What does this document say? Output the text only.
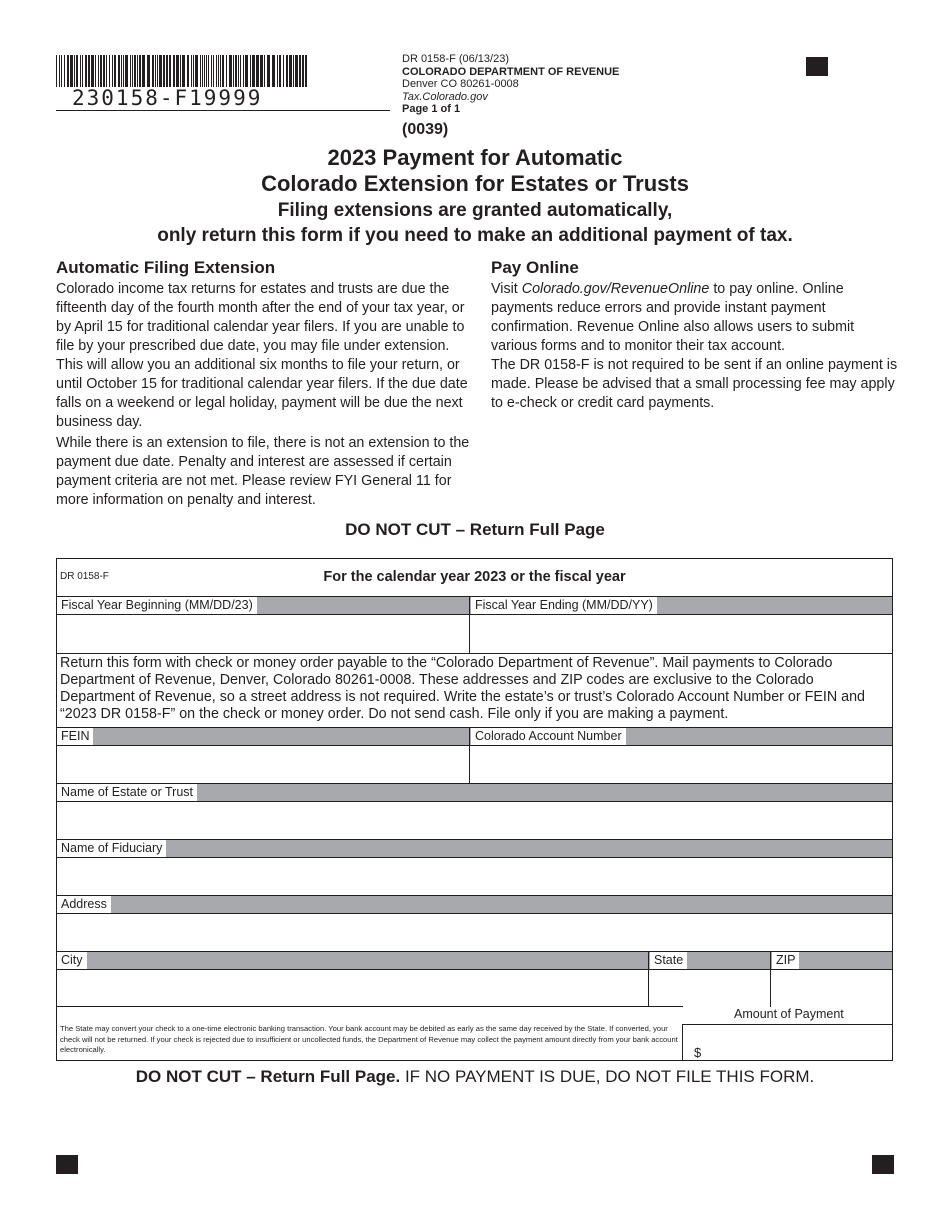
230158-F19999
DR 0158-F (06/13/23)
COLORADO DEPARTMENT OF REVENUE
Denver CO 80261-0008
Tax.Colorado.gov
Page 1 of 1
(0039)
2023 Payment for Automatic
Colorado Extension for Estates or Trusts
Filing extensions are granted automatically,
only return this form if you need to make an additional payment of tax.
Automatic Filing Extension

Colorado income tax returns for estates and trusts are due the fifteenth day of the fourth month after the end of your tax year, or by April 15 for traditional calendar year filers. If you are unable to file by your prescribed due date, you may file under extension. This will allow you an additional six months to file your return, or until October 15 for traditional calendar year filers. If the due date falls on a weekend or legal holiday, payment will be due the next business day.

While there is an extension to file, there is not an extension to the payment due date. Penalty and interest are assessed if certain payment criteria are not met. Please review FYI General 11 for more information on penalty and interest.

Pay Online

Visit Colorado.gov/RevenueOnline to pay online. Online payments reduce errors and provide instant payment confirmation. Revenue Online also allows users to submit various forms and to monitor their tax account.

The DR 0158-F is not required to be sent if an online payment is made. Please be advised that a small processing fee may apply to e-check or credit card payments.

DO NOT CUT – Return Full Page
DR 0158-F	For the calendar year 2023 or the fiscal year
Fiscal Year Beginning (MM/DD/23)	Fiscal Year Ending (MM/DD/YY)
Return this form with check or money order payable to the “Colorado Department of Revenue”. Mail payments to Colorado Department of Revenue, Denver, Colorado 80261-0008. These addresses and ZIP codes are exclusive to the Colorado Department of Revenue, so a street address is not required. Write the estate’s or trust’s Colorado Account Number or FEIN and “2023 DR 0158-F” on the check or money order. Do not send cash. File only if you are making a payment.
FEIN	Colorado Account Number
Name of Estate or Trust
Name of Fiduciary
Address
City	State	ZIP
Amount of Payment
$
The State may convert your check to a one-time electronic banking transaction. Your bank account may be debited as early as the same day received by the State. If converted, your check will not be returned. If your check is rejected due to insufficient or uncollected funds, the Department of Revenue may collect the payment amount directly from your bank account electronically.
DO NOT CUT – Return Full Page. IF NO PAYMENT IS DUE, DO NOT FILE THIS FORM.
